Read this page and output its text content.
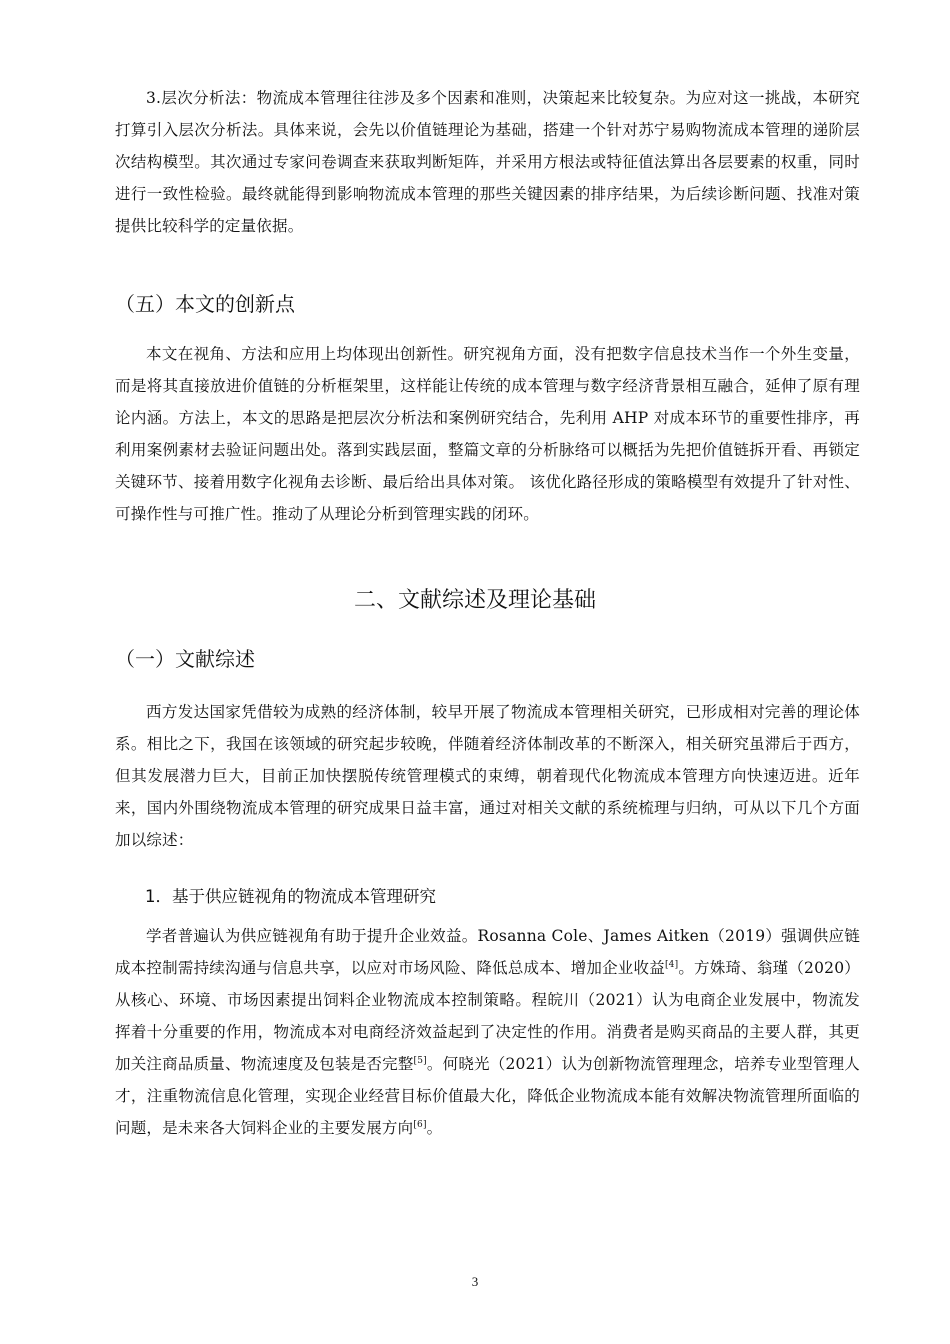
3.层次分析法：物流成本管理往往涉及多个因素和准则，决策起来比较复杂。为应对这一挑战，本研究打算引入层次分析法。具体来说，会先以价值链理论为基础，搭建一个针对苏宁易购物流成本管理的递阶层次结构模型。其次通过专家问卷调查来获取判断矩阵，并采用方根法或特征值法算出各层要素的权重，同时进行一致性检验。最终就能得到影响物流成本管理的那些关键因素的排序结果，为后续诊断问题、找准对策提供比较科学的定量依据。

（五）本文的创新点

本文在视角、方法和应用上均体现出创新性。研究视角方面，没有把数字信息技术当作一个外生变量，而是将其直接放进价值链的分析框架里，这样能让传统的成本管理与数字经济背景相互融合，延伸了原有理论内涵。方法上，本文的思路是把层次分析法和案例研究结合，先利用 AHP 对成本环节的重要性排序，再利用案例素材去验证问题出处。落到实践层面，整篇文章的分析脉络可以概括为先把价值链拆开看、再锁定关键环节、接着用数字化视角去诊断、最后给出具体对策。 该优化路径形成的策略模型有效提升了针对性、可操作性与可推广性。推动了从理论分析到管理实践的闭环。

二、文献综述及理论基础
（一）文献综述

西方发达国家凭借较为成熟的经济体制，较早开展了物流成本管理相关研究，已形成相对完善的理论体系。相比之下，我国在该领域的研究起步较晚，伴随着经济体制改革的不断深入，相关研究虽滞后于西方，但其发展潜力巨大，目前正加快摆脱传统管理模式的束缚，朝着现代化物流成本管理方向快速迈进。近年来，国内外围绕物流成本管理的研究成果日益丰富，通过对相关文献的系统梳理与归纳，可从以下几个方面加以综述：

1．基于供应链视角的物流成本管理研究

学者普遍认为供应链视角有助于提升企业效益。Rosanna Cole、James Aitken（2019）强调供应链成本控制需持续沟通与信息共享，以应对市场风险、降低总成本、增加企业收益[4]。方姝琦、翁瑾（2020）从核心、环境、市场因素提出饲料企业物流成本控制策略。程皖川（2021）认为电商企业发展中，物流发挥着十分重要的作用，物流成本对电商经济效益起到了决定性的作用。消费者是购买商品的主要人群，其更加关注商品质量、物流速度及包装是否完整[5]。何晓光（2021）认为创新物流管理理念，培养专业型管理人才，注重物流信息化管理，实现企业经营目标价值最大化，降低企业物流成本能有效解决物流管理所面临的问题，是未来各大饲料企业的主要发展方向[6]。

3
